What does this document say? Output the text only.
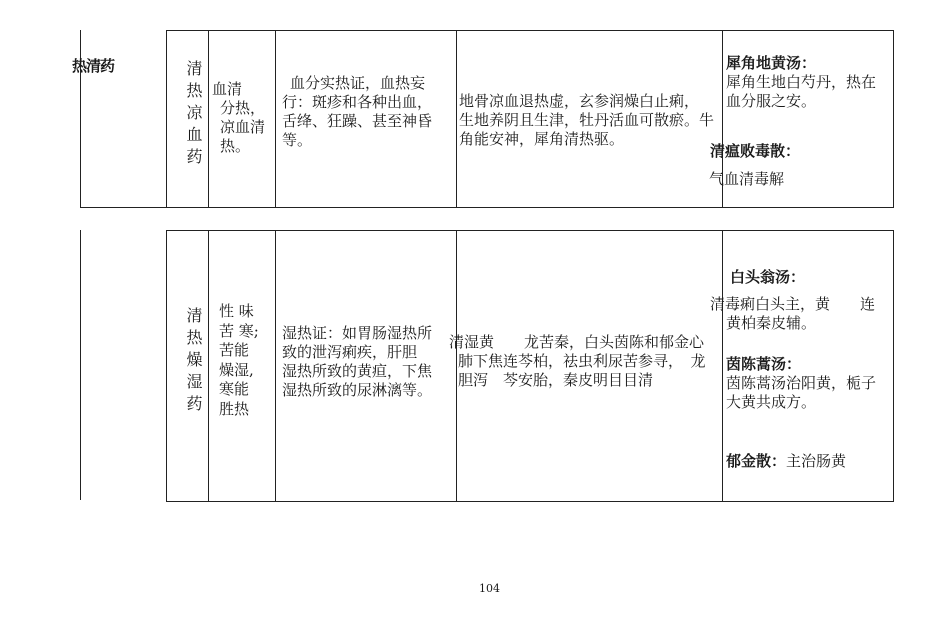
热清药	清热凉血药 血清
分热，
凉血清
热。
血分实热证，血热妄
行：斑疹和各种出血，
舌绛、狂躁、甚至神昏
等。
地骨凉血退热虚，玄参润燥白止痢，
生地养阴且生津，牡丹活血可散瘀。牛
角能安神，犀角清热驱。
犀角地黄汤：
犀角生地白芍丹，热在
血分服之安。
清瘟败毒散：
气血清毒解
清热燥湿药	性 味
苦 寒;
苦能
燥湿,
寒能
胜热
湿热证：如胃肠湿热所
致的泄泻痢疾，肝胆
湿热所致的黄疸，下焦
湿热所致的尿淋漓等。
清湿黄　　龙苦秦，白头茵陈和郁金心
肺下焦连芩柏，祛虫利尿苦参寻，　龙
胆泻　芩安胎，秦皮明目目清
白头翁汤：
清毒痢白头主，黄　　连
黄柏秦皮辅。
茵陈蒿汤：
茵陈蒿汤治阳黄，栀子
大黄共成方。
郁金散：主治肠黄
104
